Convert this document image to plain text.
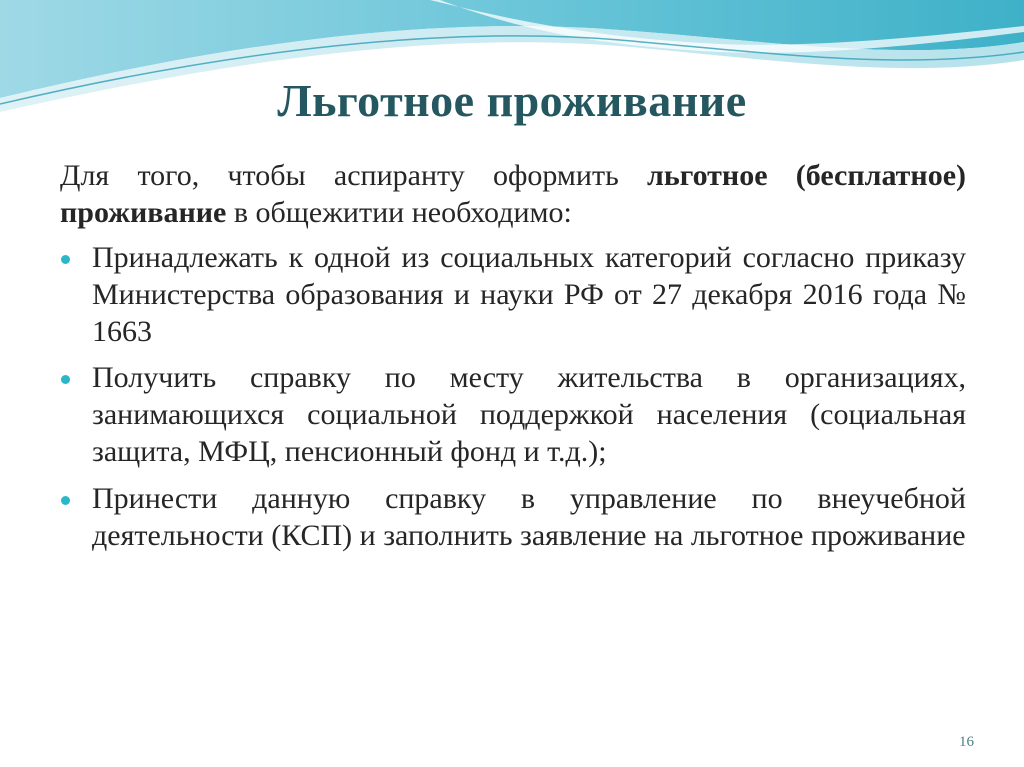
Льготное проживание

Для того, чтобы аспиранту оформить льготное (бесплатное) проживание в общежитии необходимо:

Принадлежать к одной из социальных категорий согласно приказу Министерства образования и науки РФ от 27 декабря 2016 года № 1663
Получить справку по месту жительства в организациях, занимающихся социальной поддержкой населения (социальная защита, МФЦ, пенсионный фонд и т.д.);
Принести данную справку в управление по внеучебной деятельности (КСП) и заполнить заявление на льготное проживание
16
